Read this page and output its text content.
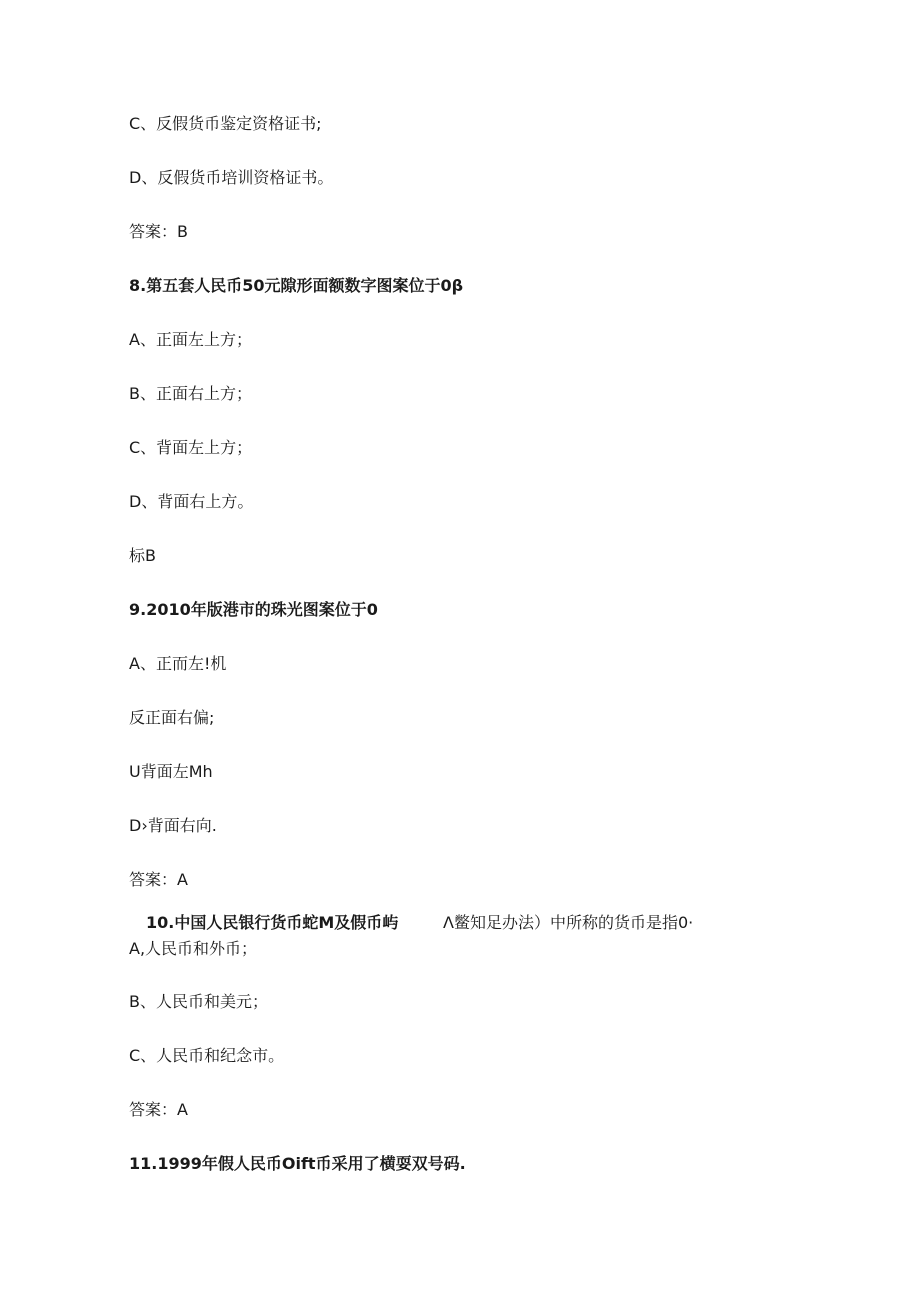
C、反假货币鉴定资格证书;
D、反假货币培训资格证书。
答案：B
8.第五套人民币50元隙形面额数字图案位于0β
A、正面左上方；
B、正面右上方；
C、背面左上方；
D、背面右上方。
标B
9.2010年版港市的珠光图案位于0
A、正而左!机
反正面右偏;
U背面左Mh
D›背面右向.
答案：A
10.中国人民银行货币蛇M及假币屿	Λ鳖知足办法）中所称的货币是指0·
A,人民币和外币；
B、人民币和美元；
C、人民币和纪念市。
答案：A
11.1999年假人民币Oift币采用了横耍双号码.
